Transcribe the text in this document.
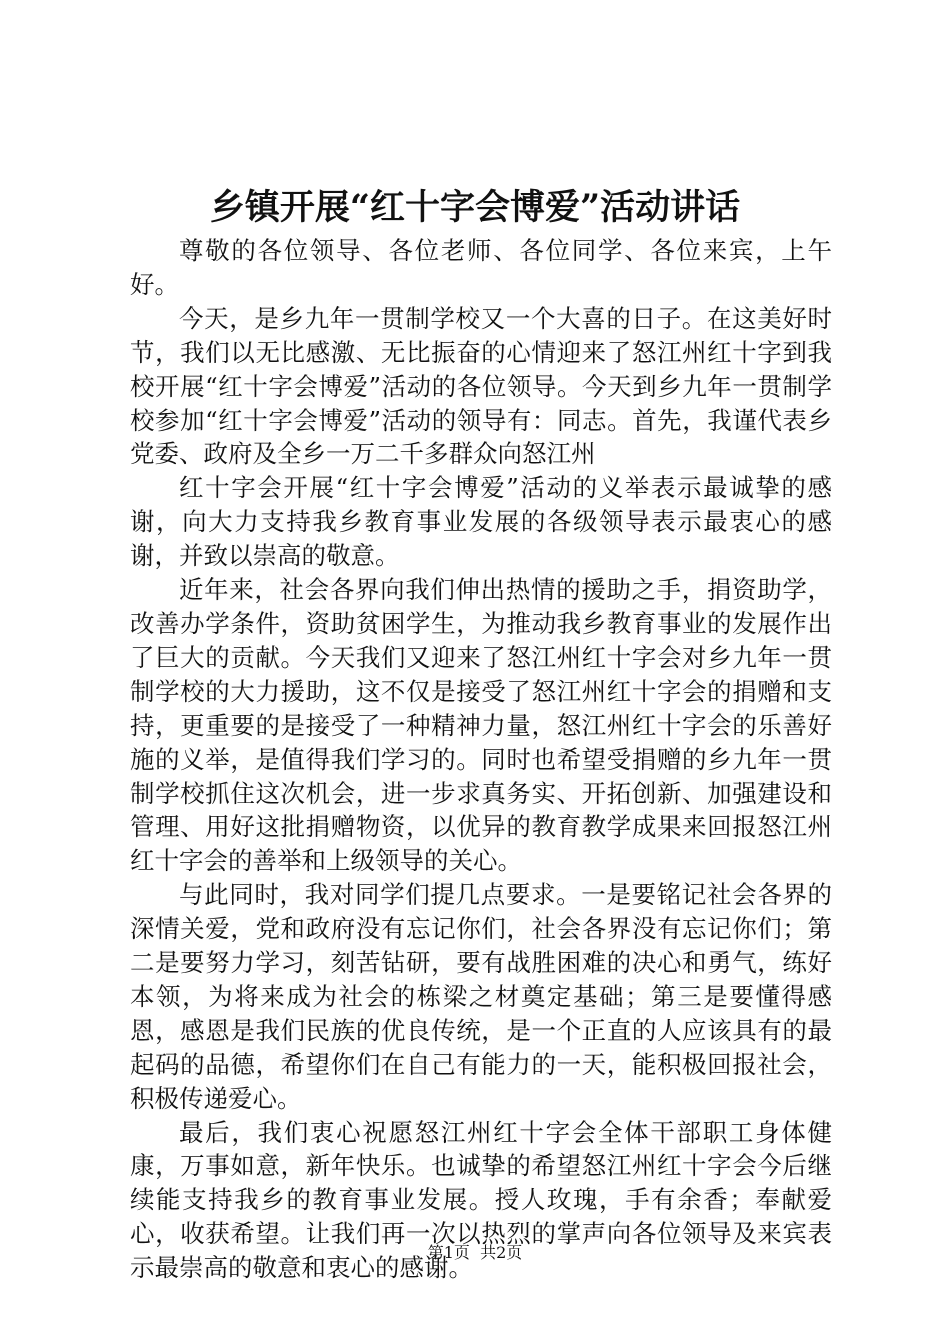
乡镇开展“红十字会博爱”活动讲话

尊敬的各位领导、各位老师、各位同学、各位来宾，上午好。

今天，是乡九年一贯制学校又一个大喜的日子。在这美好时节，我们以无比感激、无比振奋的心情迎来了怒江州红十字到我校开展“红十字会博爱”活动的各位领导。今天到乡九年一贯制学校参加“红十字会博爱”活动的领导有：同志。首先，我谨代表乡党委、政府及全乡一万二千多群众向怒江州

红十字会开展“红十字会博爱”活动的义举表示最诚挚的感谢，向大力支持我乡教育事业发展的各级领导表示最衷心的感谢，并致以崇高的敬意。

近年来，社会各界向我们伸出热情的援助之手，捐资助学，改善办学条件，资助贫困学生，为推动我乡教育事业的发展作出了巨大的贡献。今天我们又迎来了怒江州红十字会对乡九年一贯制学校的大力援助，这不仅是接受了怒江州红十字会的捐赠和支持，更重要的是接受了一种精神力量，怒江州红十字会的乐善好施的义举，是值得我们学习的。同时也希望受捐赠的乡九年一贯制学校抓住这次机会，进一步求真务实、开拓创新、加强建设和管理、用好这批捐赠物资，以优异的教育教学成果来回报怒江州红十字会的善举和上级领导的关心。

与此同时，我对同学们提几点要求。一是要铭记社会各界的深情关爱，党和政府没有忘记你们，社会各界没有忘记你们；第二是要努力学习，刻苦钻研，要有战胜困难的决心和勇气，练好本领，为将来成为社会的栋梁之材奠定基础；第三是要懂得感恩，感恩是我们民族的优良传统，是一个正直的人应该具有的最起码的品德，希望你们在自己有能力的一天，能积极回报社会，积极传递爱心。

最后，我们衷心祝愿怒江州红十字会全体干部职工身体健康，万事如意，新年快乐。也诚挚的希望怒江州红十字会今后继续能支持我乡的教育事业发展。授人玫瑰，手有余香；奉献爱心，收获希望。让我们再一次以热烈的掌声向各位领导及来宾表示最崇高的敬意和衷心的感谢。

第1页  共2页
